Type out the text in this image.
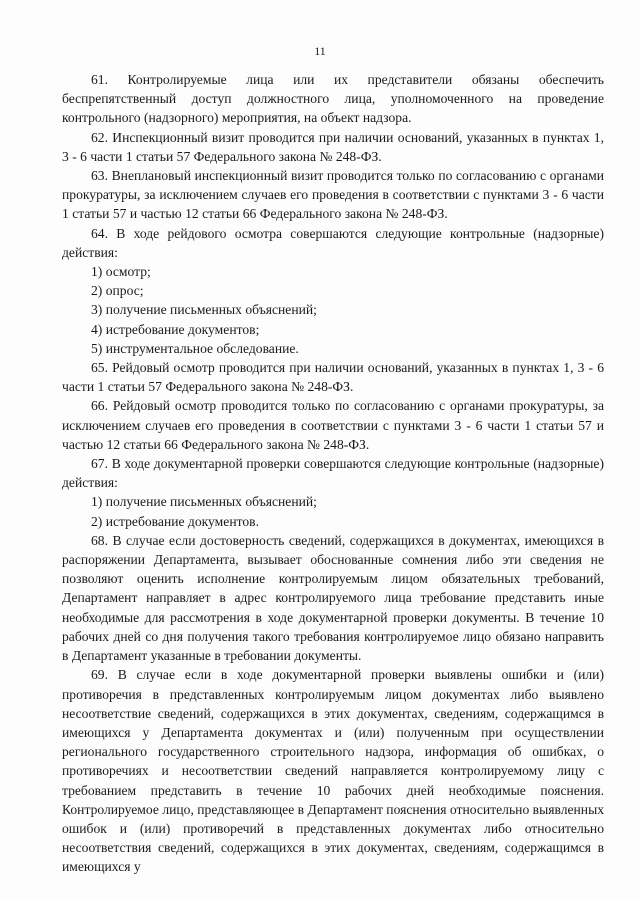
11

61. Контролируемые лица или их представители обязаны обеспечить беспрепятственный доступ должностного лица, уполномоченного на проведение контрольного (надзорного) мероприятия, на объект надзора.

62. Инспекционный визит проводится при наличии оснований, указанных в пунктах 1, 3 - 6 части 1 статьи 57 Федерального закона № 248-ФЗ.

63. Внеплановый инспекционный визит проводится только по согласованию с органами прокуратуры, за исключением случаев его проведения в соответствии с пунктами 3 - 6 части 1 статьи 57 и частью 12 статьи 66 Федерального закона № 248-ФЗ.

64. В ходе рейдового осмотра совершаются следующие контрольные (надзорные) действия:

1) осмотр;

2) опрос;

3) получение письменных объяснений;

4) истребование документов;

5) инструментальное обследование.

65. Рейдовый осмотр проводится при наличии оснований, указанных в пунктах 1, 3 - 6 части 1 статьи 57 Федерального закона № 248-ФЗ.

66. Рейдовый осмотр проводится только по согласованию с органами прокуратуры, за исключением случаев его проведения в соответствии с пунктами 3 - 6 части 1 статьи 57 и частью 12 статьи 66 Федерального закона № 248-ФЗ.

67. В ходе документарной проверки совершаются следующие контрольные (надзорные) действия:

1) получение письменных объяснений;

2) истребование документов.

68. В случае если достоверность сведений, содержащихся в документах, имеющихся в распоряжении Департамента, вызывает обоснованные сомнения либо эти сведения не позволяют оценить исполнение контролируемым лицом обязательных требований, Департамент направляет в адрес контролируемого лица требование представить иные необходимые для рассмотрения в ходе документарной проверки документы. В течение 10 рабочих дней со дня получения такого требования контролируемое лицо обязано направить в Департамент указанные в требовании документы.

69. В случае если в ходе документарной проверки выявлены ошибки и (или) противоречия в представленных контролируемым лицом документах либо выявлено несоответствие сведений, содержащихся в этих документах, сведениям, содержащимся в имеющихся у Департамента документах и (или) полученным при осуществлении регионального государственного строительного надзора, информация об ошибках, о противоречиях и несоответствии сведений направляется контролируемому лицу с требованием представить в течение 10 рабочих дней необходимые пояснения. Контролируемое лицо, представляющее в Департамент пояснения относительно выявленных ошибок и (или) противоречий в представленных документах либо относительно несоответствия сведений, содержащихся в этих документах, сведениям, содержащимся в имеющихся у
